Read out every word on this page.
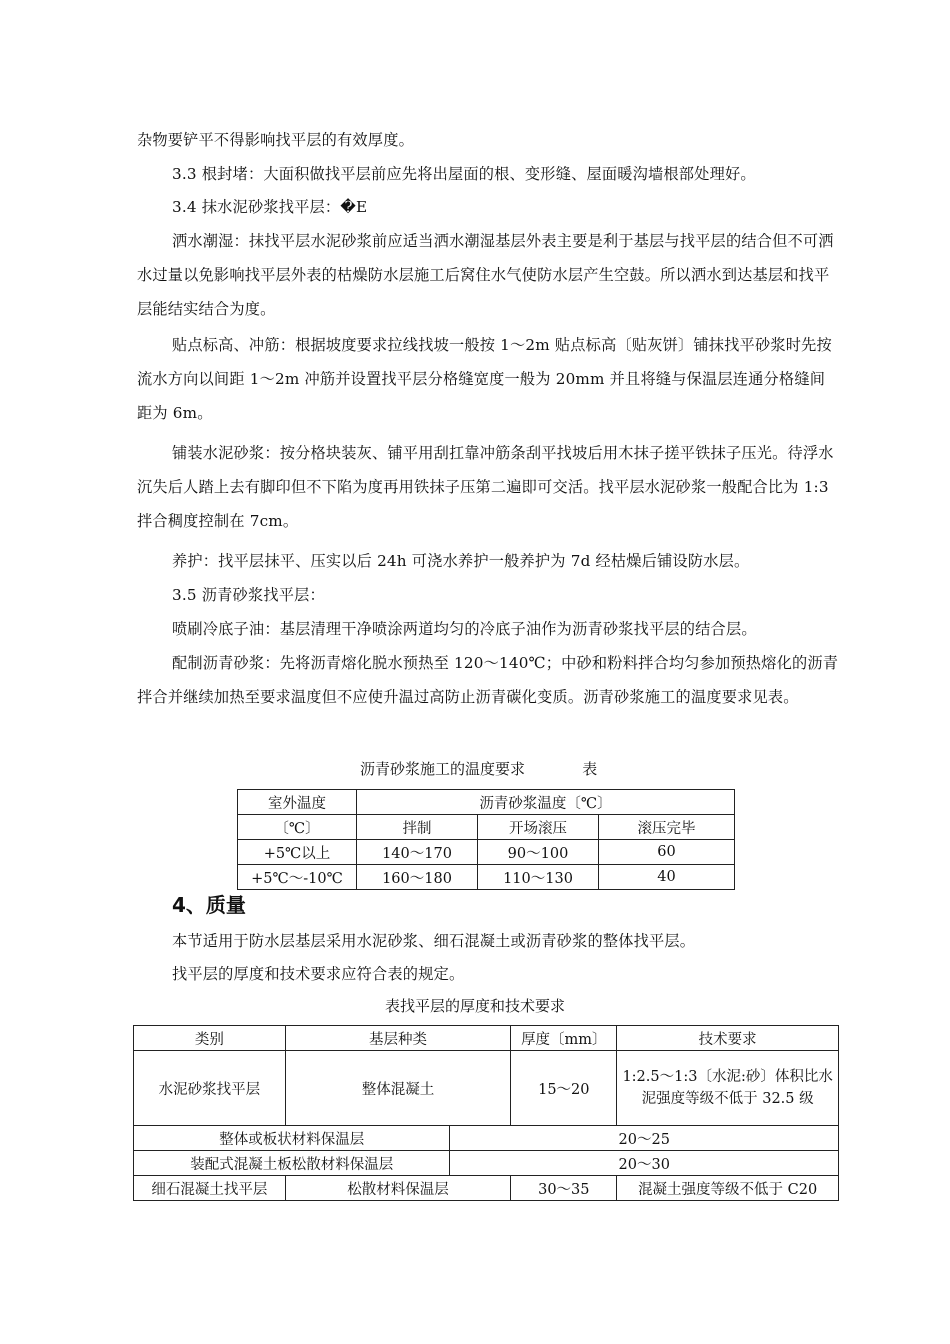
杂物要铲平不得影响找平层的有效厚度。

3.3 根封堵：大面积做找平层前应先将出屋面的根、变形缝、屋面暖沟墙根部处理好。

3.4 抹水泥砂浆找平层：�E

洒水潮湿：抹找平层水泥砂浆前应适当洒水潮湿基层外表主要是利于基层与找平层的结合但不可洒水过量以免影响找平层外表的枯燥防水层施工后窝住水气使防水层产生空鼓。所以洒水到达基层和找平层能结实结合为度。

贴点标高、冲筋：根据坡度要求拉线找坡一般按 1～2m 贴点标高〔贴灰饼〕铺抹找平砂浆时先按流水方向以间距 1～2m 冲筋并设置找平层分格缝宽度一般为 20mm 并且将缝与保温层连通分格缝间距为 6m。

铺装水泥砂浆：按分格块装灰、铺平用刮扛靠冲筋条刮平找坡后用木抹子搓平铁抹子压光。待浮水沉失后人踏上去有脚印但不下陷为度再用铁抹子压第二遍即可交活。找平层水泥砂浆一般配合比为 1:3 拌合稠度控制在 7cm。

养护：找平层抹平、压实以后 24h 可浇水养护一般养护为 7d 经枯燥后铺设防水层。

3.5 沥青砂浆找平层：

喷刷冷底子油：基层清理干净喷涂两道均匀的冷底子油作为沥青砂浆找平层的结合层。

配制沥青砂浆：先将沥青熔化脱水预热至 120～140℃；中砂和粉料拌合均匀参加预热熔化的沥青拌合并继续加热至要求温度但不应使升温过高防止沥青碳化变质。沥青砂浆施工的温度要求见表。

沥青砂浆施工的温度要求            表

室外温度	沥青砂浆温度〔℃〕		
〔℃〕	拌制	开场滚压	滚压完毕
+5℃以上	140～170	90～100	60
+5℃～-10℃	160～180	110～130	40
4、质量

本节适用于防水层基层采用水泥砂浆、细石混凝土或沥青砂浆的整体找平层。

找平层的厚度和技术要求应符合表的规定。

表找平层的厚度和技术要求

类别	基层种类		厚度〔mm〕	技术要求
水泥砂浆找平层	整体混凝土		15～20	1:2.5～1:3〔水泥:砂〕体积比水泥强度等级不低于 32.5 级
整体或板状材料保温层		20～25		
装配式混凝土板松散材料保温层		20～30		
细石混凝土找平层	松散材料保温层		30～35	混凝土强度等级不低于 C20
